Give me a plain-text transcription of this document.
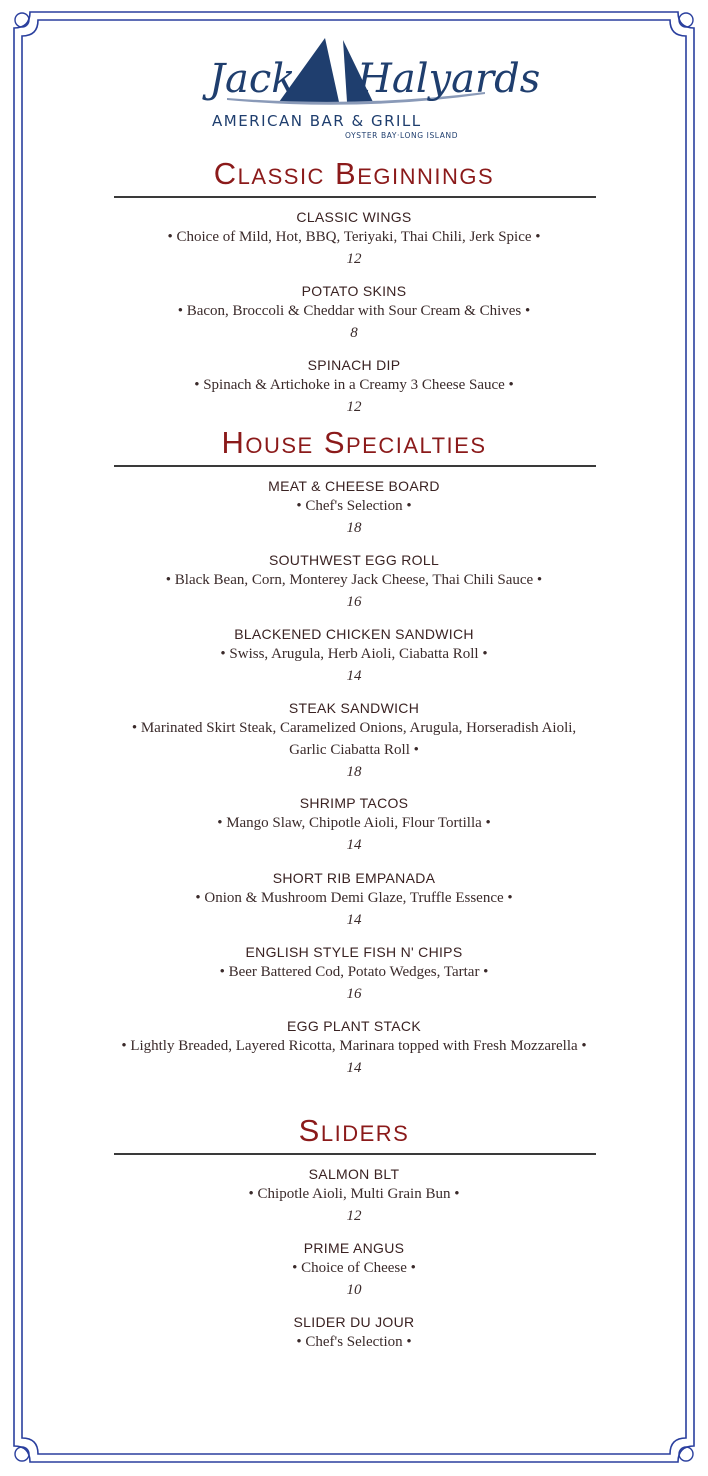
Jack Halyards
AMERICAN BAR & GRILL
OYSTER BAY·LONG ISLAND
Classic Beginnings
CLASSIC WINGS
• Choice of Mild, Hot, BBQ, Teriyaki, Thai Chili, Jerk Spice •
12
POTATO SKINS
• Bacon, Broccoli & Cheddar with Sour Cream & Chives •
8
SPINACH DIP
• Spinach & Artichoke in a Creamy 3 Cheese Sauce •
12
House Specialties
MEAT & CHEESE BOARD
• Chef's Selection •
18
SOUTHWEST EGG ROLL
• Black Bean, Corn, Monterey Jack Cheese, Thai Chili Sauce •
16
BLACKENED CHICKEN SANDWICH
• Swiss, Arugula, Herb Aioli, Ciabatta Roll •
14
STEAK SANDWICH
• Marinated Skirt Steak, Caramelized Onions, Arugula, Horseradish Aioli, Garlic Ciabatta Roll •
18
SHRIMP TACOS
• Mango Slaw, Chipotle Aioli, Flour Tortilla •
14
SHORT RIB EMPANADA
• Onion & Mushroom Demi Glaze, Truffle Essence •
14
ENGLISH STYLE FISH N' CHIPS
• Beer Battered Cod, Potato Wedges, Tartar •
16
EGG PLANT STACK
• Lightly Breaded, Layered Ricotta, Marinara topped with Fresh Mozzarella •
14
Sliders
SALMON BLT
• Chipotle Aioli, Multi Grain Bun •
12
PRIME ANGUS
• Choice of Cheese •
10
SLIDER DU JOUR
• Chef's Selection •
